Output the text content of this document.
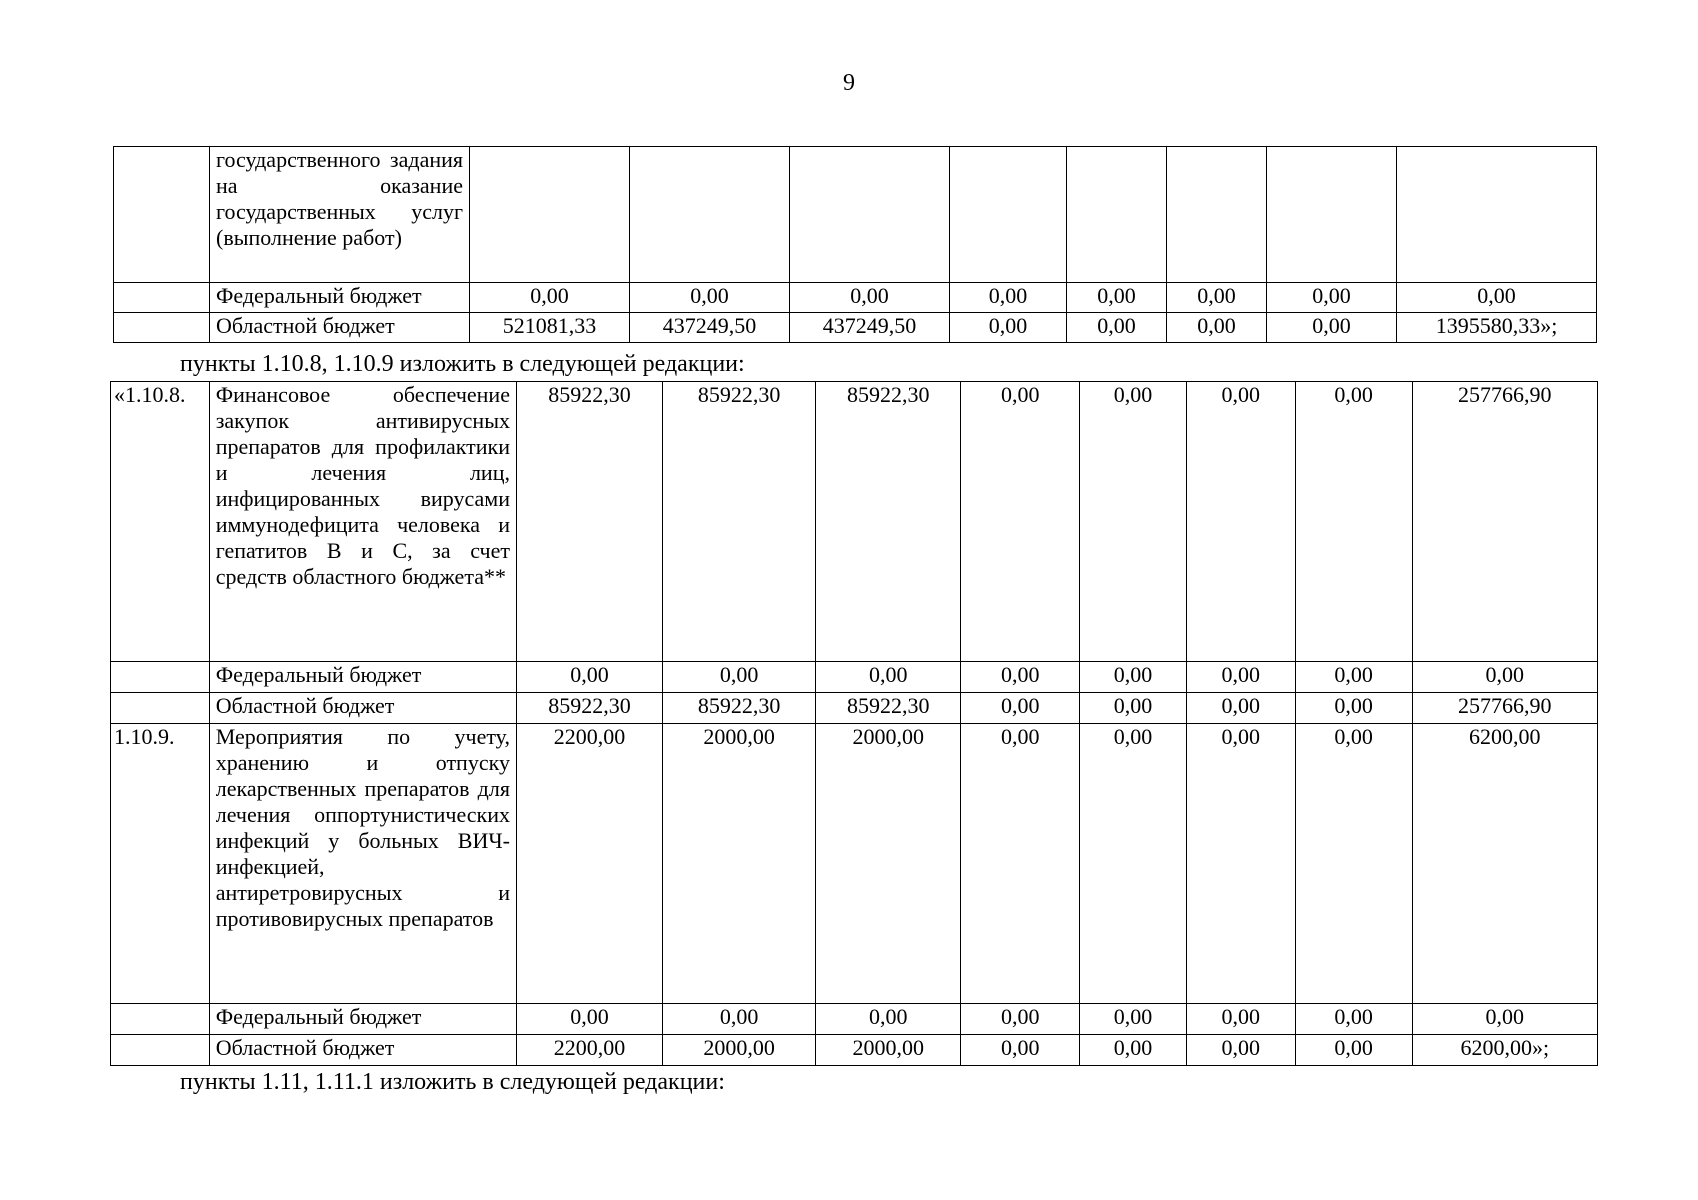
9
	государственного задания на оказание государственных услуг (выполнение работ)								
	Федеральный бюджет	0,00	0,00	0,00	0,00	0,00	0,00	0,00	0,00
	Областной бюджет	521081,33	437249,50	437249,50	0,00	0,00	0,00	0,00	1395580,33»;
пункты 1.10.8, 1.10.9 изложить в следующей редакции:
«1.10.8.	Финансовое обеспечение закупок антивирусных препаратов для профилактики и лечения лиц, инфицированных вирусами иммунодефицита человека и гепатитов В и С, за счет средств областного бюджета**	85922,30	85922,30	85922,30	0,00	0,00	0,00	0,00	257766,90
	Федеральный бюджет	0,00	0,00	0,00	0,00	0,00	0,00	0,00	0,00
	Областной бюджет	85922,30	85922,30	85922,30	0,00	0,00	0,00	0,00	257766,90
1.10.9.	Мероприятия по учету, хранению и отпуску лекарственных препаратов для лечения оппортунистических инфекций у больных ВИЧ-инфекцией, антиретровирусных и противовирусных препаратов	2200,00	2000,00	2000,00	0,00	0,00	0,00	0,00	6200,00
	Федеральный бюджет	0,00	0,00	0,00	0,00	0,00	0,00	0,00	0,00
	Областной бюджет	2200,00	2000,00	2000,00	0,00	0,00	0,00	0,00	6200,00»;
пункты 1.11, 1.11.1 изложить в следующей редакции:
